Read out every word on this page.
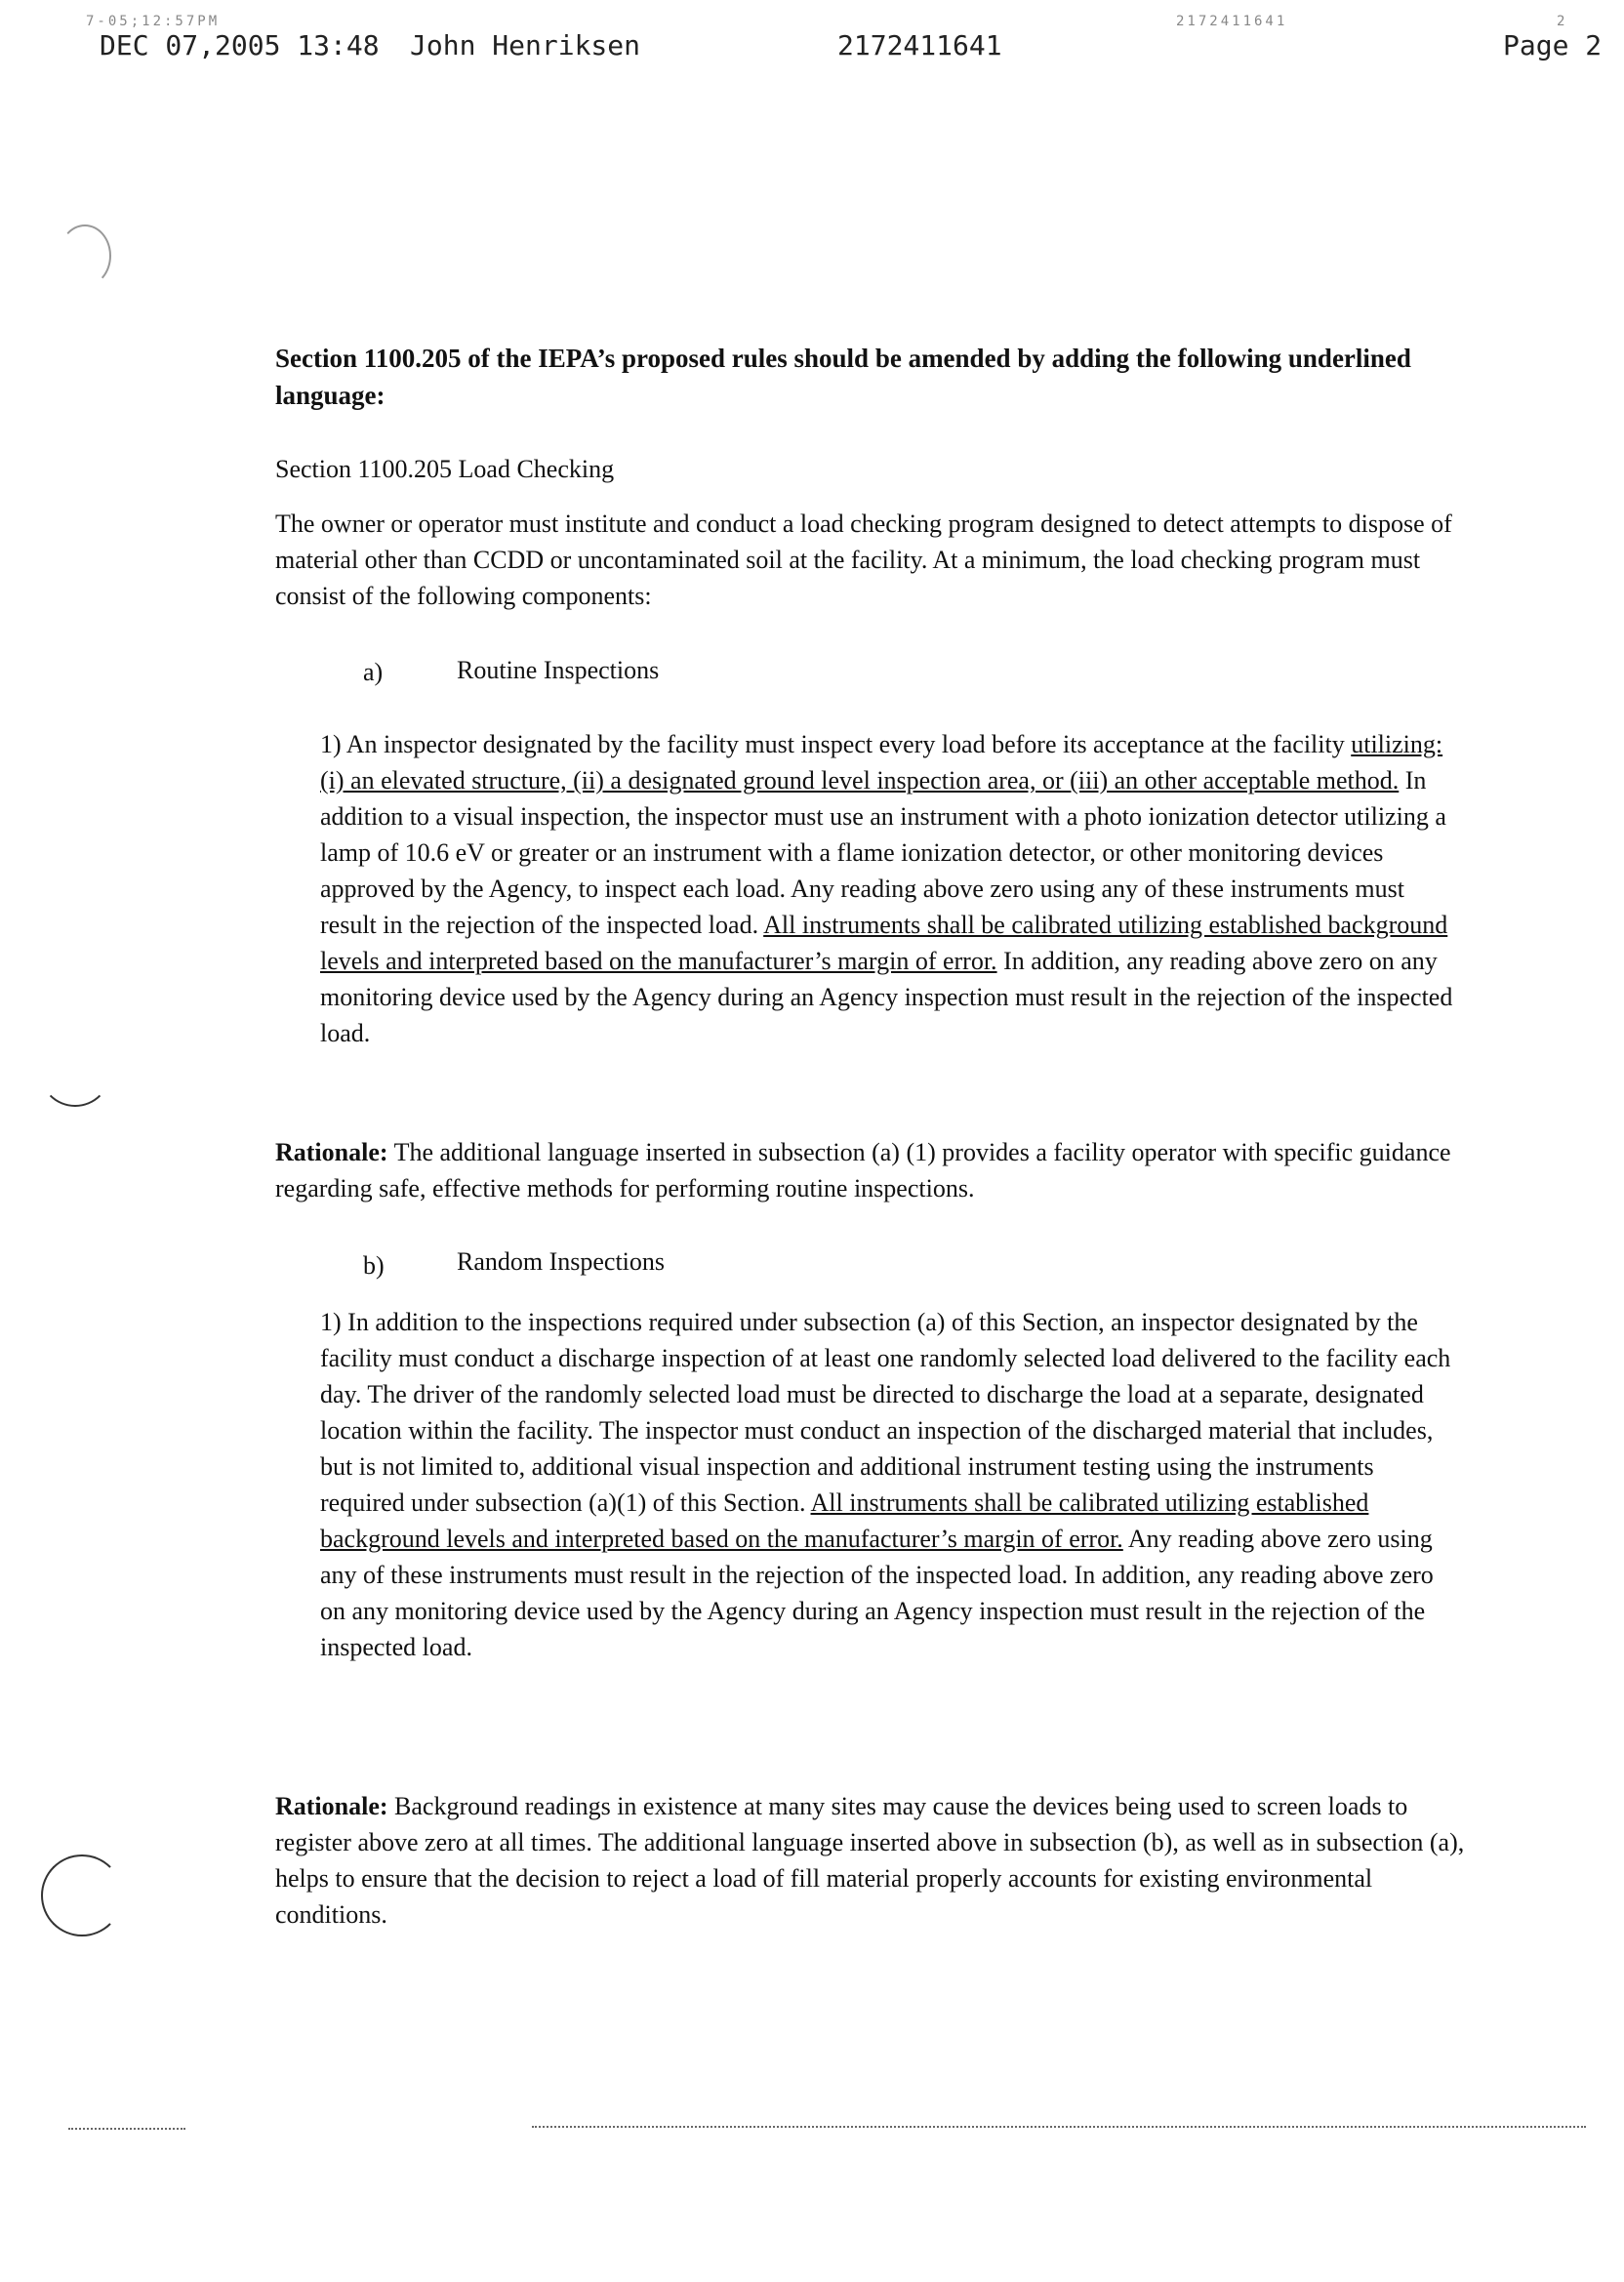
7-05;12:57PM	2172411641	2
DEC 07,2005 13:48 John Henriksen	2172411641	Page 2
Section 1100.205 of the IEPA’s proposed rules should be amended by adding the following underlined language:
Section 1100.205 Load Checking
The owner or operator must institute and conduct a load checking program designed to detect attempts to dispose of material other than CCDD or uncontaminated soil at the facility. At a minimum, the load checking program must consist of the following components:
a)	Routine Inspections
1) An inspector designated by the facility must inspect every load before its acceptance at the facility utilizing: (i) an elevated structure, (ii) a designated ground level inspection area, or (iii) an other acceptable method. In addition to a visual inspection, the inspector must use an instrument with a photo ionization detector utilizing a lamp of 10.6 eV or greater or an instrument with a flame ionization detector, or other monitoring devices approved by the Agency, to inspect each load. Any reading above zero using any of these instruments must result in the rejection of the inspected load. All instruments shall be calibrated utilizing established background levels and interpreted based on the manufacturer’s margin of error. In addition, any reading above zero on any monitoring device used by the Agency during an Agency inspection must result in the rejection of the inspected load.
Rationale: The additional language inserted in subsection (a) (1) provides a facility operator with specific guidance regarding safe, effective methods for performing routine inspections.
b)	Random Inspections
1) In addition to the inspections required under subsection (a) of this Section, an inspector designated by the facility must conduct a discharge inspection of at least one randomly selected load delivered to the facility each day. The driver of the randomly selected load must be directed to discharge the load at a separate, designated location within the facility. The inspector must conduct an inspection of the discharged material that includes, but is not limited to, additional visual inspection and additional instrument testing using the instruments required under subsection (a)(1) of this Section. All instruments shall be calibrated utilizing established background levels and interpreted based on the manufacturer’s margin of error. Any reading above zero using any of these instruments must result in the rejection of the inspected load. In addition, any reading above zero on any monitoring device used by the Agency during an Agency inspection must result in the rejection of the inspected load.
Rationale: Background readings in existence at many sites may cause the devices being used to screen loads to register above zero at all times. The additional language inserted above in subsection (b), as well as in subsection (a), helps to ensure that the decision to reject a load of fill material properly accounts for existing environmental conditions.
